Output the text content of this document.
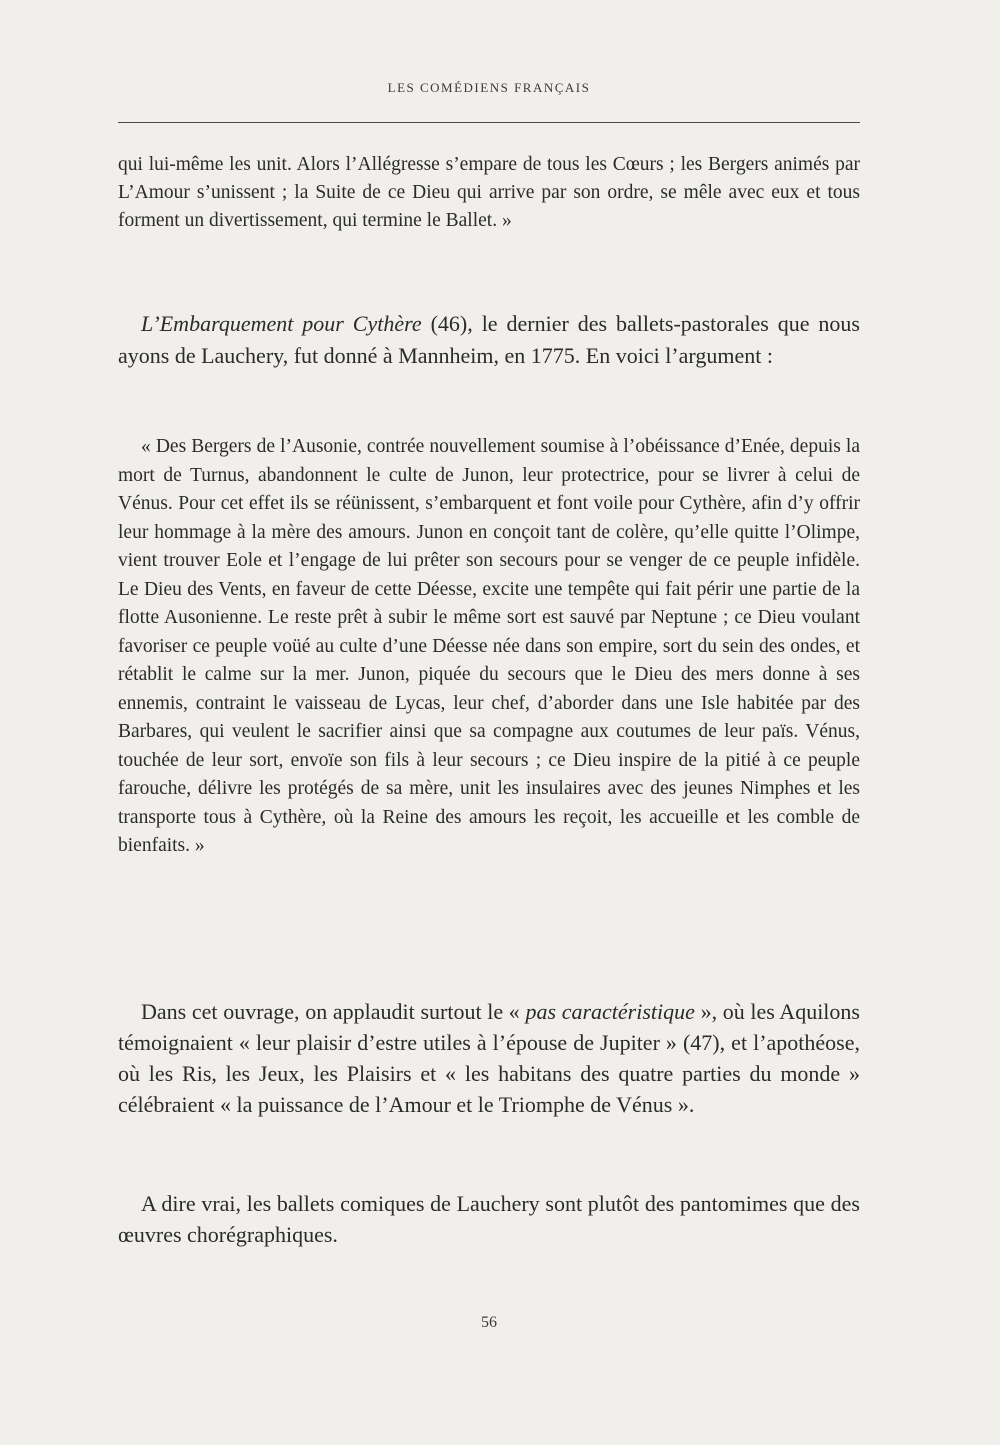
LES COMÉDIENS FRANÇAIS

qui lui-même les unit. Alors l’Allégresse s’empare de tous les Cœurs ; les Bergers animés par L’Amour s’unissent ; la Suite de ce Dieu qui arrive par son ordre, se mêle avec eux et tous forment un divertissement, qui termine le Ballet. »

L’Embarquement pour Cythère (46), le dernier des ballets-pastorales que nous ayons de Lauchery, fut donné à Mannheim, en 1775. En voici l’argument :

« Des Bergers de l’Ausonie, contrée nouvellement soumise à l’obéissance d’Enée, depuis la mort de Turnus, abandonnent le culte de Junon, leur protectrice, pour se livrer à celui de Vénus. Pour cet effet ils se réünissent, s’embarquent et font voile pour Cythère, afin d’y offrir leur hommage à la mère des amours. Junon en conçoit tant de colère, qu’elle quitte l’Olimpe, vient trouver Eole et l’engage de lui prêter son secours pour se venger de ce peuple infidèle. Le Dieu des Vents, en faveur de cette Déesse, excite une tempête qui fait périr une partie de la flotte Ausonienne. Le reste prêt à subir le même sort est sauvé par Neptune ; ce Dieu voulant favoriser ce peuple voüé au culte d’une Déesse née dans son empire, sort du sein des ondes, et rétablit le calme sur la mer. Junon, piquée du secours que le Dieu des mers donne à ses ennemis, contraint le vaisseau de Lycas, leur chef, d’aborder dans une Isle habitée par des Barbares, qui veulent le sacrifier ainsi que sa compagne aux coutumes de leur païs. Vénus, touchée de leur sort, envoïe son fils à leur secours ; ce Dieu inspire de la pitié à ce peuple farouche, délivre les protégés de sa mère, unit les insulaires avec des jeunes Nimphes et les transporte tous à Cythère, où la Reine des amours les reçoit, les accueille et les comble de bienfaits. »

Dans cet ouvrage, on applaudit surtout le « pas caractéristique », où les Aquilons témoignaient « leur plaisir d’estre utiles à l’épouse de Jupiter » (47), et l’apothéose, où les Ris, les Jeux, les Plaisirs et « les habitans des quatre parties du monde » célébraient « la puissance de l’Amour et le Triomphe de Vénus ».

A dire vrai, les ballets comiques de Lauchery sont plutôt des pantomimes que des œuvres chorégraphiques.

56
